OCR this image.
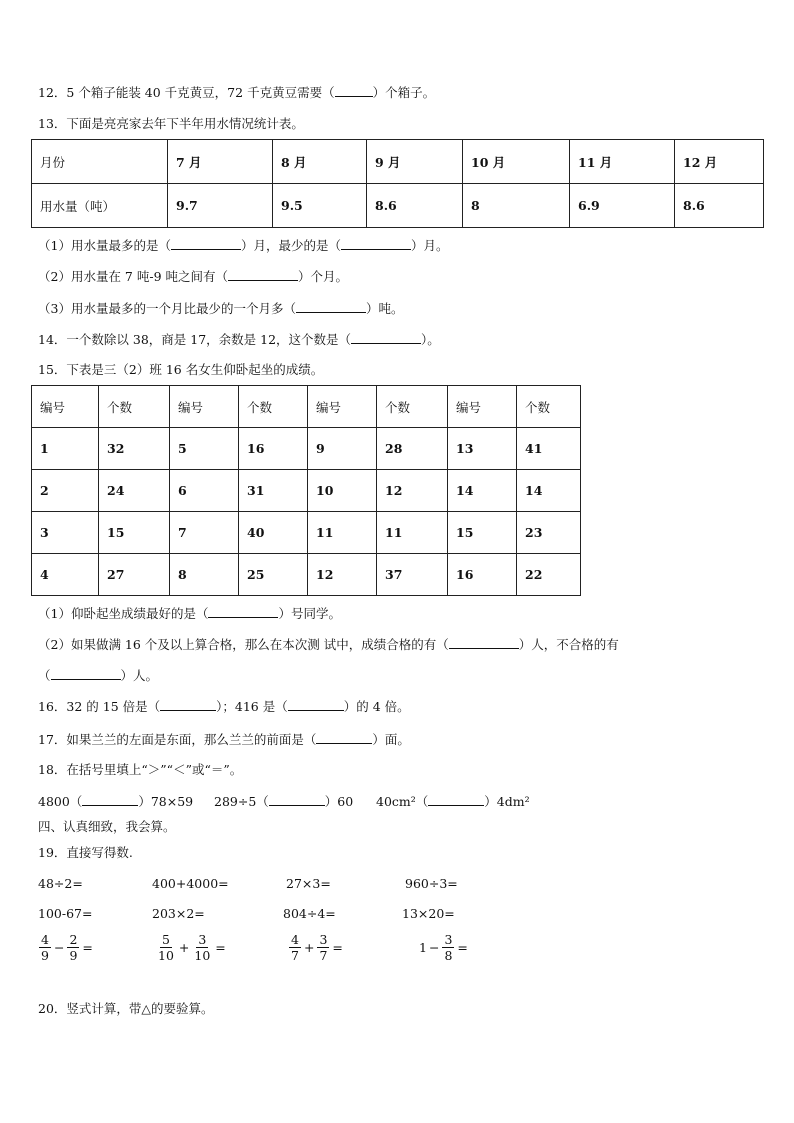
12．5 个箱子能装 40 千克黄豆，72 千克黄豆需要（	）个箱子。
13．下面是亮亮家去年下半年用水情况统计表。
月份	7 月	8 月	9 月	10 月	11 月	12 月
用水量（吨）	9.7	9.5	8.6	8	6.9	8.6
（1）用水量最多的是（	）月，最少的是（	）月。
（2）用水量在 7 吨-9 吨之间有（	）个月。
（3）用水量最多的一个月比最少的一个月多（	）吨。
14．一个数除以 38，商是 17，余数是 12，这个数是（	）。
15．下表是三（2）班 16 名女生仰卧起坐的成绩。
编号	个数	编号	个数	编号	个数	编号	个数
1	32	5	16	9	28	13	41
2	24	6	31	10	12	14	14
3	15	7	40	11	11	15	23
4	27	8	25	12	37	16	22
（1）仰卧起坐成绩最好的是（	）号同学。
（2）如果做满 16 个及以上算合格，那么在本次测 试中，成绩合格的有（	）人，不合格的有
（	）人。
16．32 的 15 倍是（	）；416 是（	）的 4 倍。
17．如果兰兰的左面是东面，那么兰兰的前面是（	）面。
18．在括号里填上“＞”“＜”或“＝”。
4800（	）78×59 289÷5（	）60 40cm²（	）4dm²
四、认真细致，我会算。
19．直接写得数.
48÷2=	400+4000=	27×3=	960÷3=
100-67=	203×2=	804÷4=	13×20=
$\frac{4}{9} - \frac{2}{9}$ =	$\frac{5}{10} + \frac{3}{10}$ =	$\frac{4}{7} + \frac{3}{7}$ =	$1 - \frac{3}{8}$ =
20．竖式计算，带△的要验算。
